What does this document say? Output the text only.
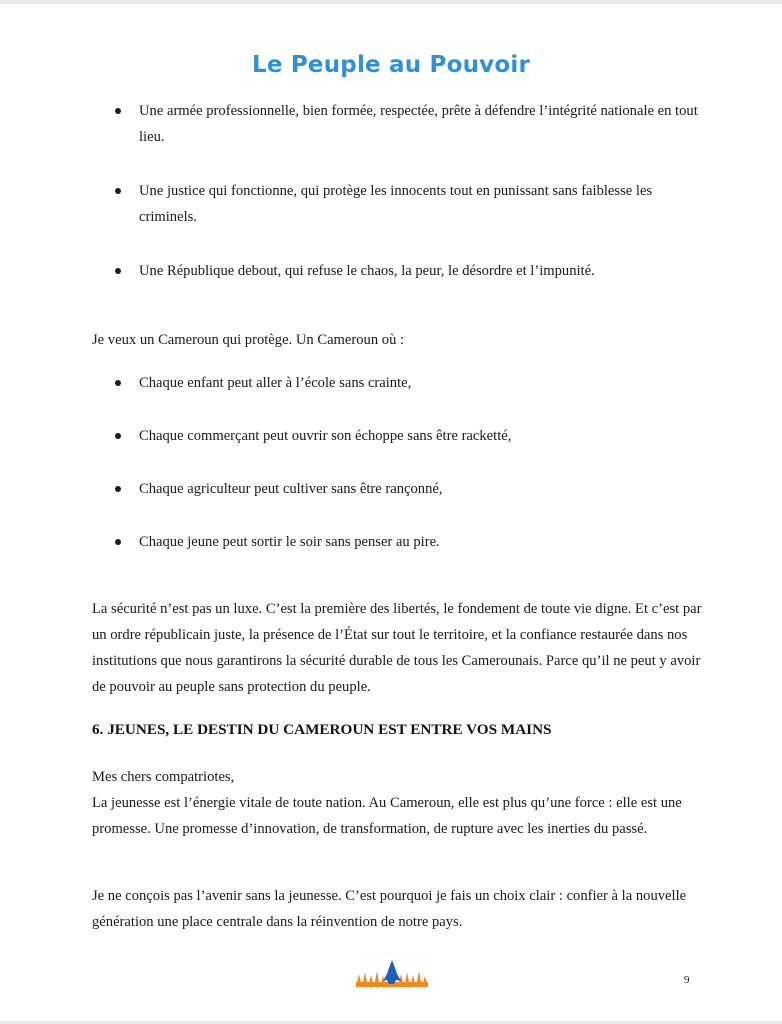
Le Peuple au Pouvoir
Une armée professionnelle, bien formée, respectée, prête à défendre l’intégrité nationale en tout lieu.
Une justice qui fonctionne, qui protège les innocents tout en punissant sans faiblesse les criminels.
Une République debout, qui refuse le chaos, la peur, le désordre et l’impunité.

Je veux un Cameroun qui protège. Un Cameroun où :

Chaque enfant peut aller à l’école sans crainte,
Chaque commerçant peut ouvrir son échoppe sans être racketté,
Chaque agriculteur peut cultiver sans être rançonné,
Chaque jeune peut sortir le soir sans penser au pire.

La sécurité n’est pas un luxe. C’est la première des libertés, le fondement de toute vie digne. Et c’est par un ordre républicain juste, la présence de l’État sur tout le territoire, et la confiance restaurée dans nos institutions que nous garantirons la sécurité durable de tous les Camerounais. Parce qu’il ne peut y avoir de pouvoir au peuple sans protection du peuple.

6. JEUNES, LE DESTIN DU CAMEROUN EST ENTRE VOS MAINS

Mes chers compatriotes,

La jeunesse est l’énergie vitale de toute nation. Au Cameroun, elle est plus qu’une force : elle est une promesse. Une promesse d’innovation, de transformation, de rupture avec les inerties du passé.

Je ne conçois pas l’avenir sans la jeunesse. C’est pourquoi je fais un choix clair : confier à la nouvelle génération une place centrale dans la réinvention de notre pays.

· · · · · · · ·
9
